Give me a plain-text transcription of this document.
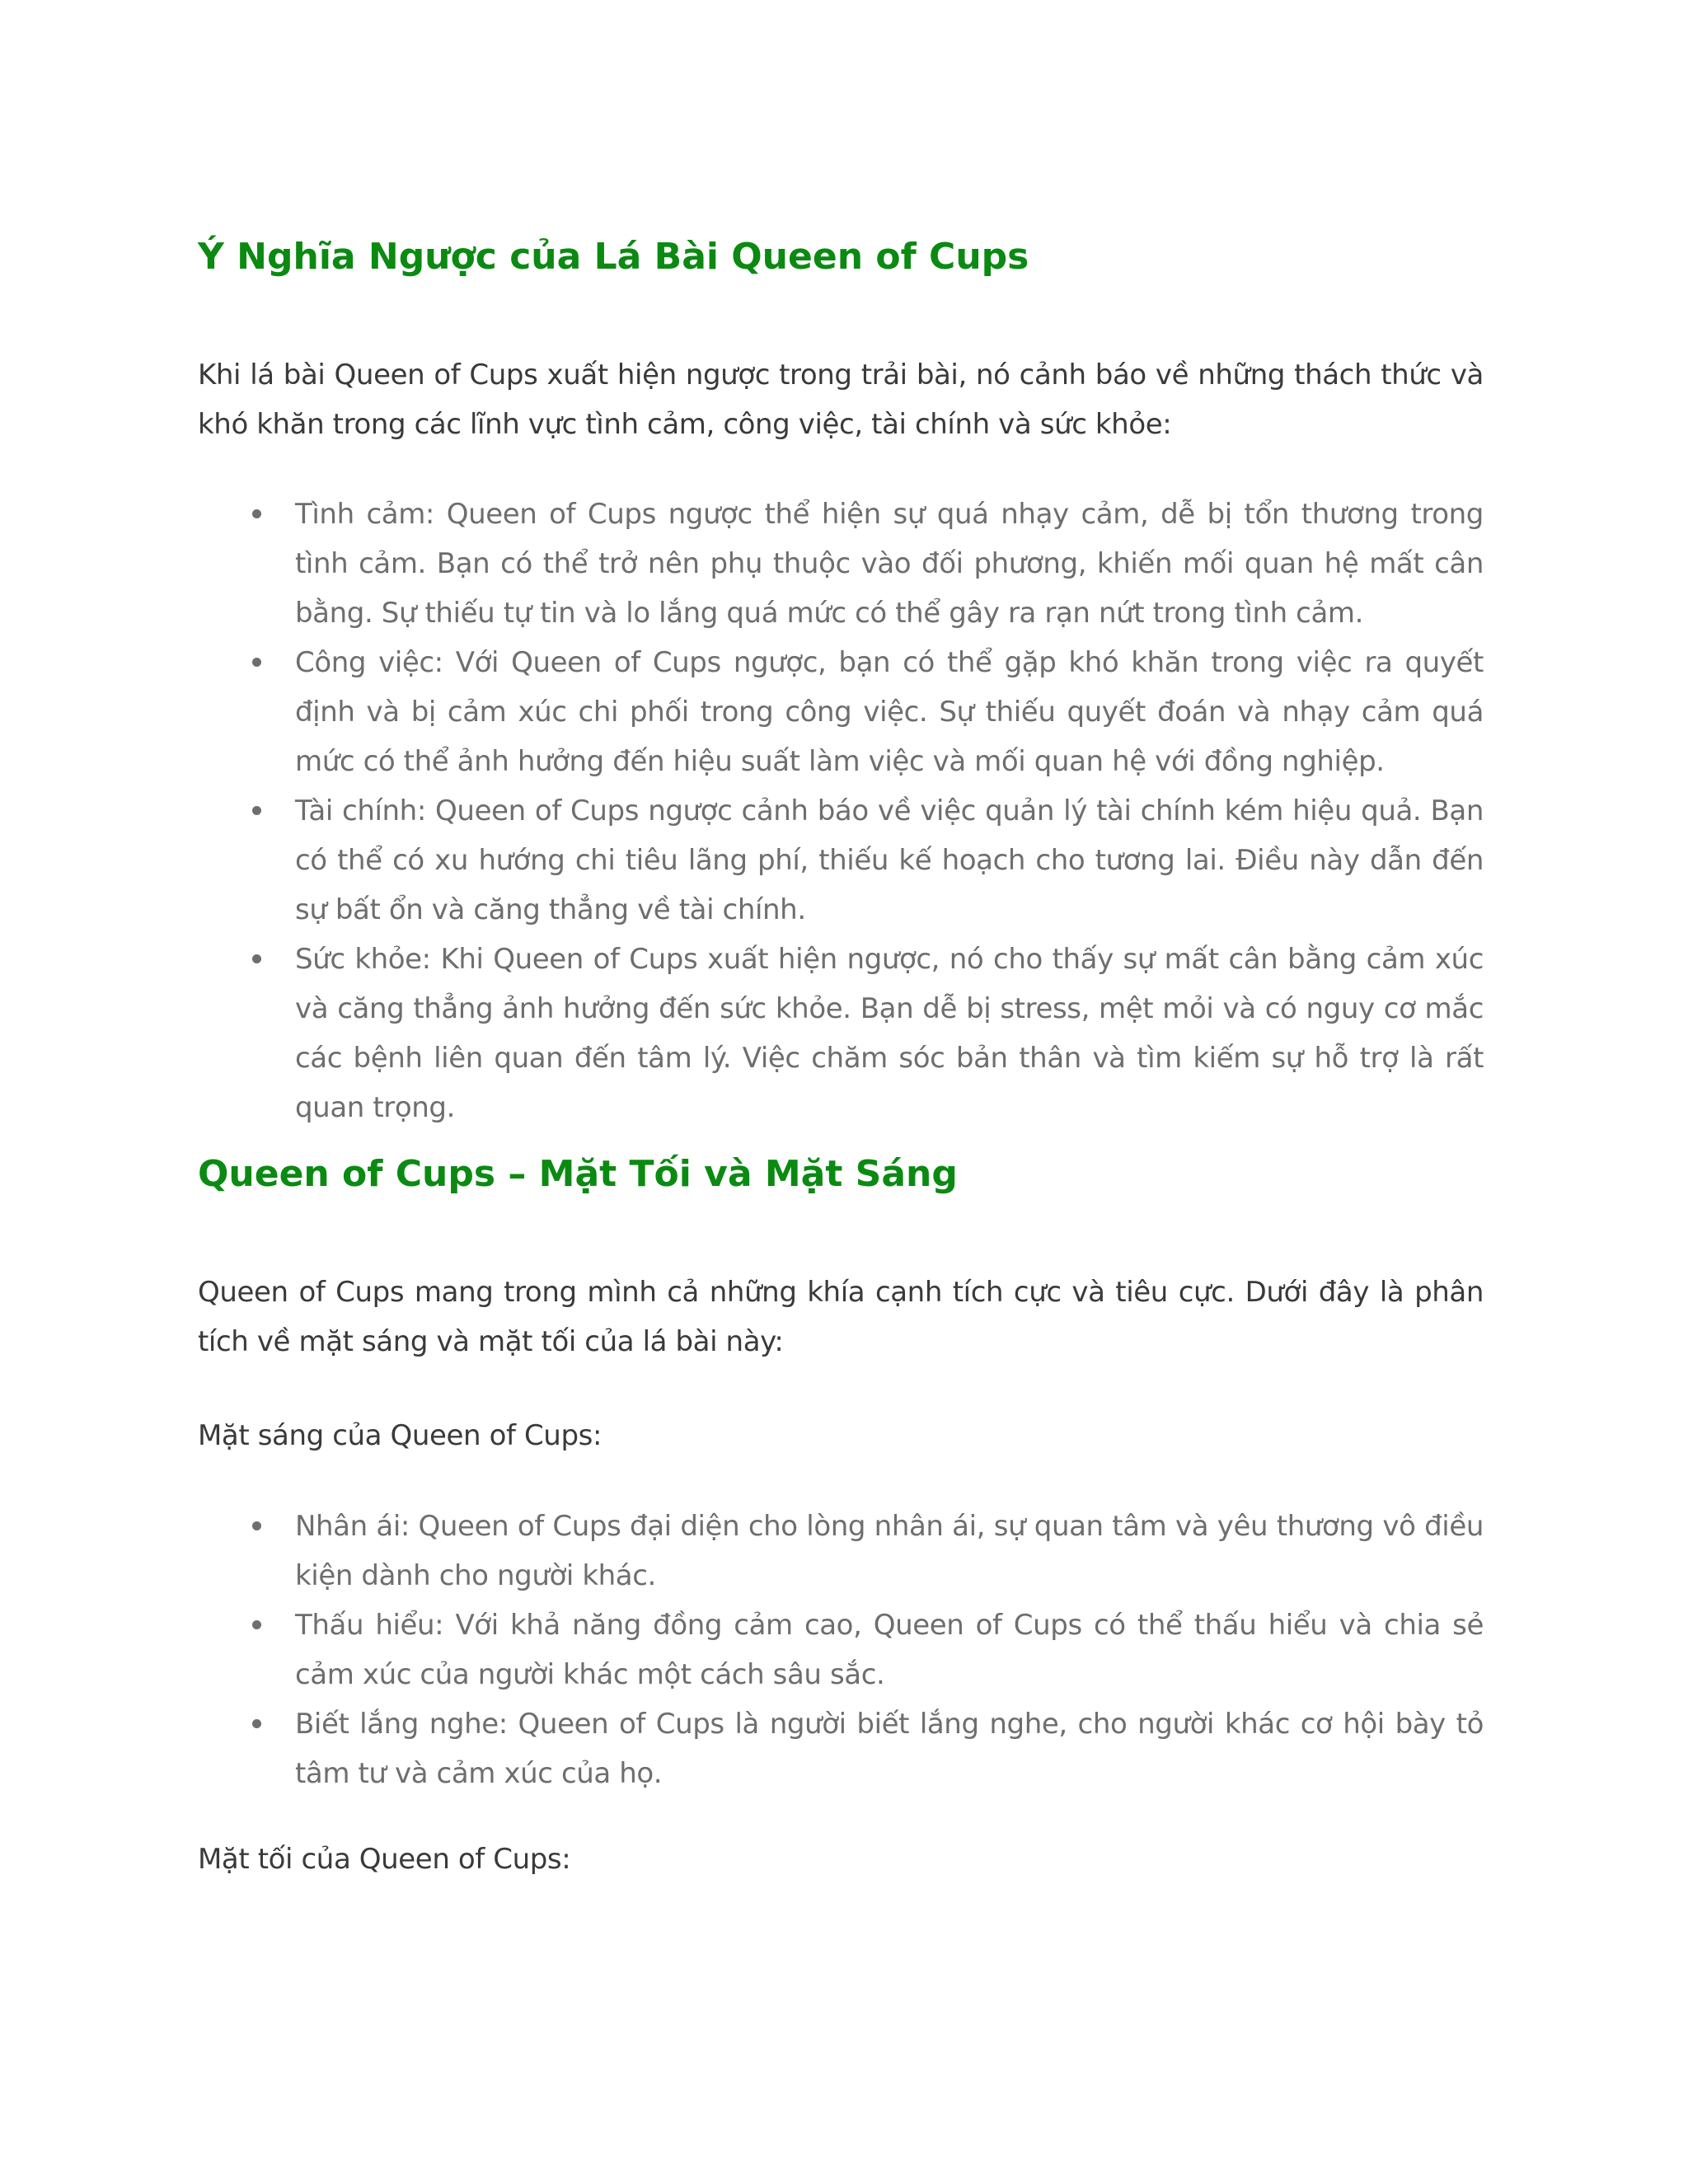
Ý Nghĩa Ngược của Lá Bài Queen of Cups

Khi lá bài Queen of Cups xuất hiện ngược trong trải bài, nó cảnh báo về những thách thức và khó khăn trong các lĩnh vực tình cảm, công việc, tài chính và sức khỏe:

Tình cảm: Queen of Cups ngược thể hiện sự quá nhạy cảm, dễ bị tổn thương trong tình cảm. Bạn có thể trở nên phụ thuộc vào đối phương, khiến mối quan hệ mất cân bằng. Sự thiếu tự tin và lo lắng quá mức có thể gây ra rạn nứt trong tình cảm.
Công việc: Với Queen of Cups ngược, bạn có thể gặp khó khăn trong việc ra quyết định và bị cảm xúc chi phối trong công việc. Sự thiếu quyết đoán và nhạy cảm quá mức có thể ảnh hưởng đến hiệu suất làm việc và mối quan hệ với đồng nghiệp.
Tài chính: Queen of Cups ngược cảnh báo về việc quản lý tài chính kém hiệu quả. Bạn có thể có xu hướng chi tiêu lãng phí, thiếu kế hoạch cho tương lai. Điều này dẫn đến sự bất ổn và căng thẳng về tài chính.
Sức khỏe: Khi Queen of Cups xuất hiện ngược, nó cho thấy sự mất cân bằng cảm xúc và căng thẳng ảnh hưởng đến sức khỏe. Bạn dễ bị stress, mệt mỏi và có nguy cơ mắc các bệnh liên quan đến tâm lý. Việc chăm sóc bản thân và tìm kiếm sự hỗ trợ là rất quan trọng.
Queen of Cups – Mặt Tối và Mặt Sáng

Queen of Cups mang trong mình cả những khía cạnh tích cực và tiêu cực. Dưới đây là phân tích về mặt sáng và mặt tối của lá bài này:

Mặt sáng của Queen of Cups:

Nhân ái: Queen of Cups đại diện cho lòng nhân ái, sự quan tâm và yêu thương vô điều kiện dành cho người khác.
Thấu hiểu: Với khả năng đồng cảm cao, Queen of Cups có thể thấu hiểu và chia sẻ cảm xúc của người khác một cách sâu sắc.
Biết lắng nghe: Queen of Cups là người biết lắng nghe, cho người khác cơ hội bày tỏ tâm tư và cảm xúc của họ.

Mặt tối của Queen of Cups:
